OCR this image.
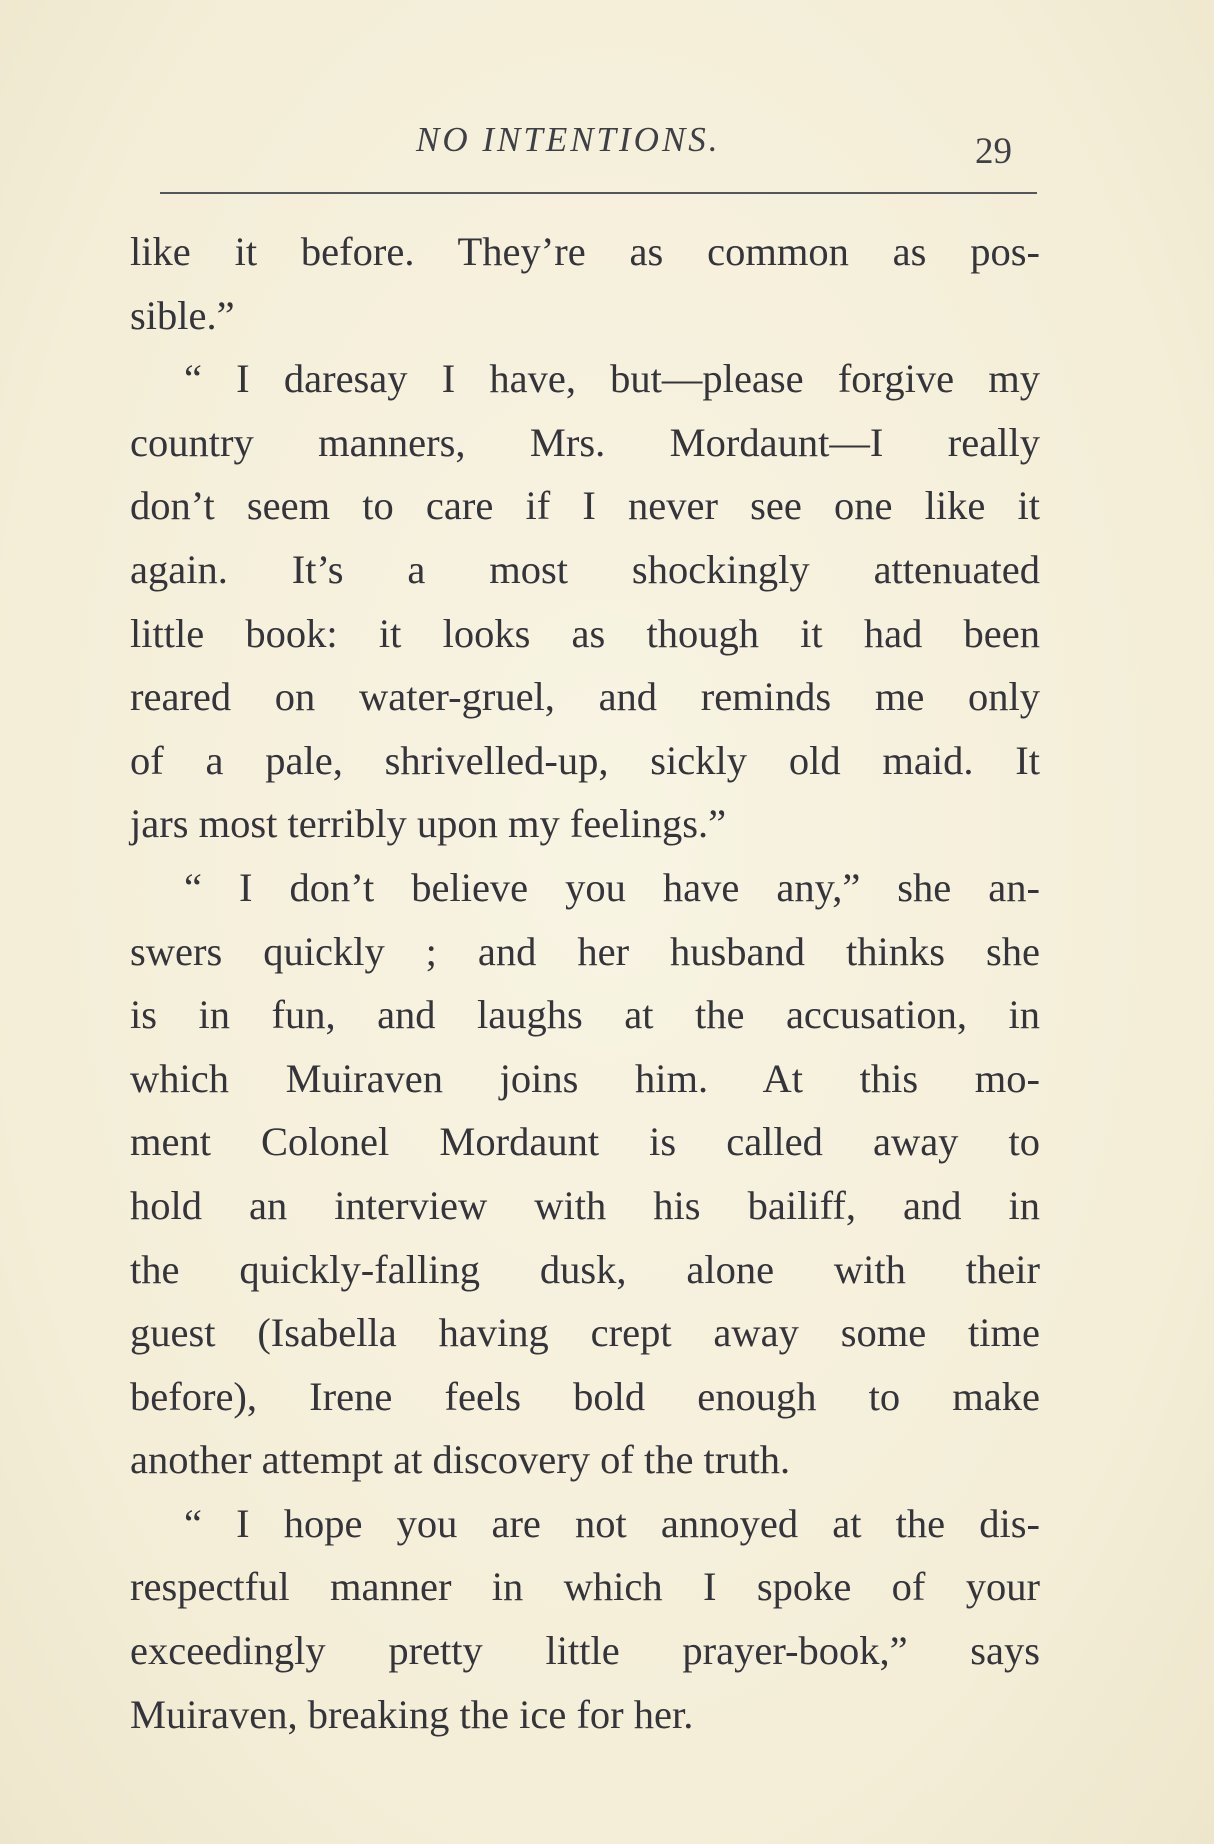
NO INTENTIONS.	29
like it before. They’re as common as pos-
sible.”
“ I daresay I have, but—please forgive my
country manners, Mrs. Mordaunt—I really
don’t seem to care if I never see one like it
again. It’s a most shockingly attenuated
little book: it looks as though it had been
reared on water-gruel, and reminds me only
of a pale, shrivelled-up, sickly old maid. It
jars most terribly upon my feelings.”
“ I don’t believe you have any,” she an-
swers quickly ; and her husband thinks she
is in fun, and laughs at the accusation, in
which Muiraven joins him. At this mo-
ment Colonel Mordaunt is called away to
hold an interview with his bailiff, and in
the quickly-falling dusk, alone with their
guest (Isabella having crept away some time
before), Irene feels bold enough to make
another attempt at discovery of the truth.
“ I hope you are not annoyed at the dis-
respectful manner in which I spoke of your
exceedingly pretty little prayer-book,” says
Muiraven, breaking the ice for her.
